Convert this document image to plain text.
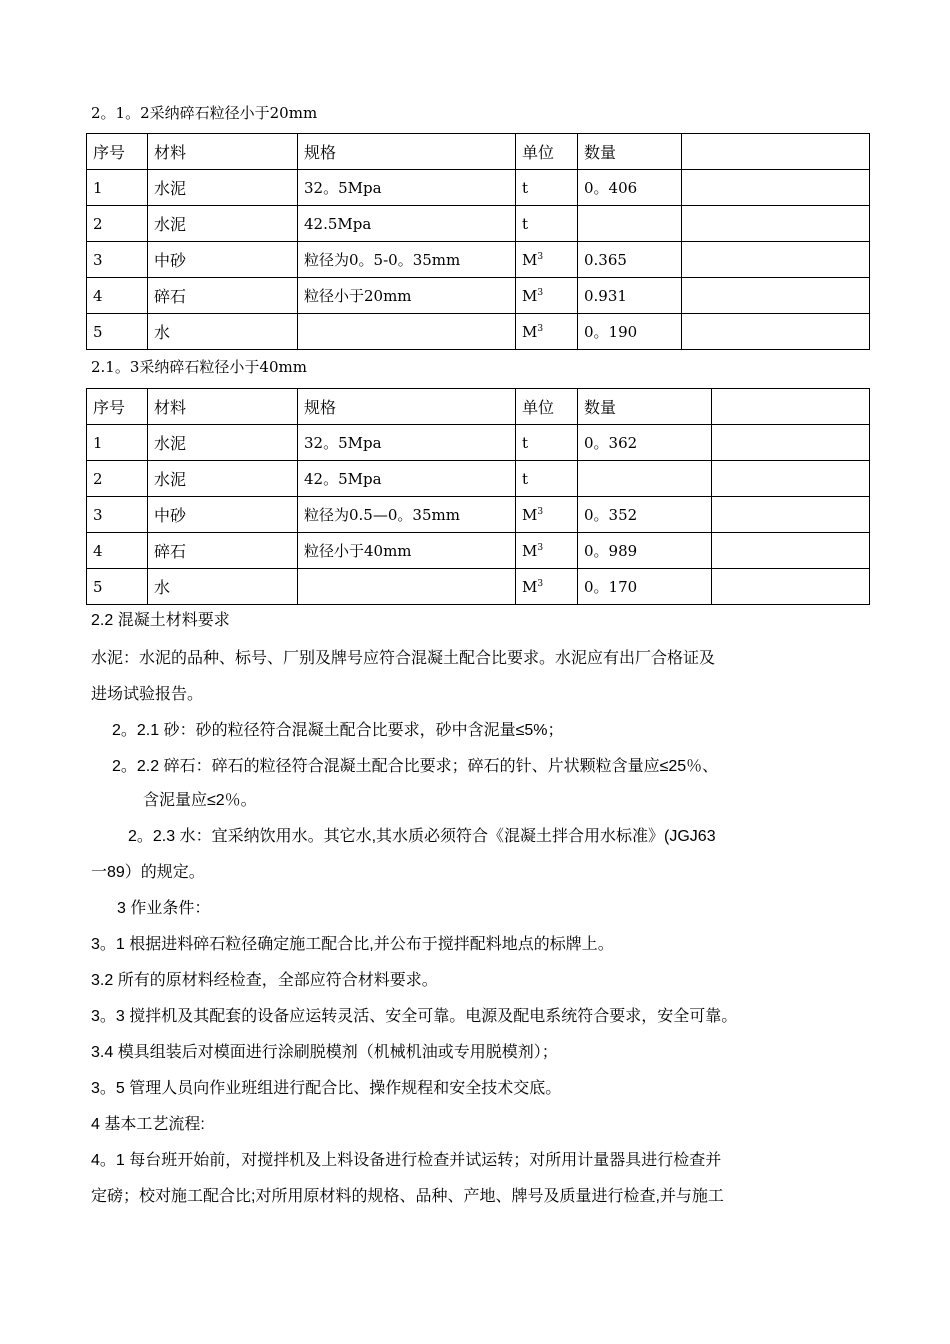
2。1。2采纳碎石粒径小于20mm
序号	材料	规格	单位	数量	
1	水泥	32。5Mpa	t	0。406	
2	水泥	42.5Mpa	t		
3	中砂	粒径为0。5-0。35mm	$M^3$	0.365	
4	碎石	粒径小于20mm	$M^3$	0.931	
5	水		$M^3$	0。190	
2.1。3采纳碎石粒径小于40mm
序号	材料	规格	单位	数量	
1	水泥	32。5Mpa	t	0。362	
2	水泥	42。5Mpa	t		
3	中砂	粒径为0.5—0。35mm	$M^3$	0。352	
4	碎石	粒径小于40mm	$M^3$	0。989	
5	水		$M^3$	0。170	
2.2 混凝土材料要求
水泥：水泥的品种、标号、厂别及牌号应符合混凝土配合比要求。水泥应有出厂合格证及
进场试验报告。
2。2.1 砂：砂的粒径符合混凝土配合比要求，砂中含泥量≤5%；
2。2.2 碎石：碎石的粒径符合混凝土配合比要求；碎石的针、片状颗粒含量应≤25％、
含泥量应≤2％。
2。2.3 水：宜采纳饮用水。其它水,其水质必须符合《混凝土拌合用水标准》(JGJ63
一89）的规定。
3 作业条件：
3。1 根据进料碎石粒径确定施工配合比,并公布于搅拌配料地点的标牌上。
3.2 所有的原材料经检查，全部应符合材料要求。
3。3 搅拌机及其配套的设备应运转灵活、安全可靠。电源及配电系统符合要求，安全可靠。
3.4 模具组装后对模面进行涂刷脱模剂（机械机油或专用脱模剂）；
3。5 管理人员向作业班组进行配合比、操作规程和安全技术交底。
4 基本工艺流程:
4。1 每台班开始前，对搅拌机及上料设备进行检查并试运转；对所用计量器具进行检查并
定磅；校对施工配合比;对所用原材料的规格、品种、产地、牌号及质量进行检查,并与施工
